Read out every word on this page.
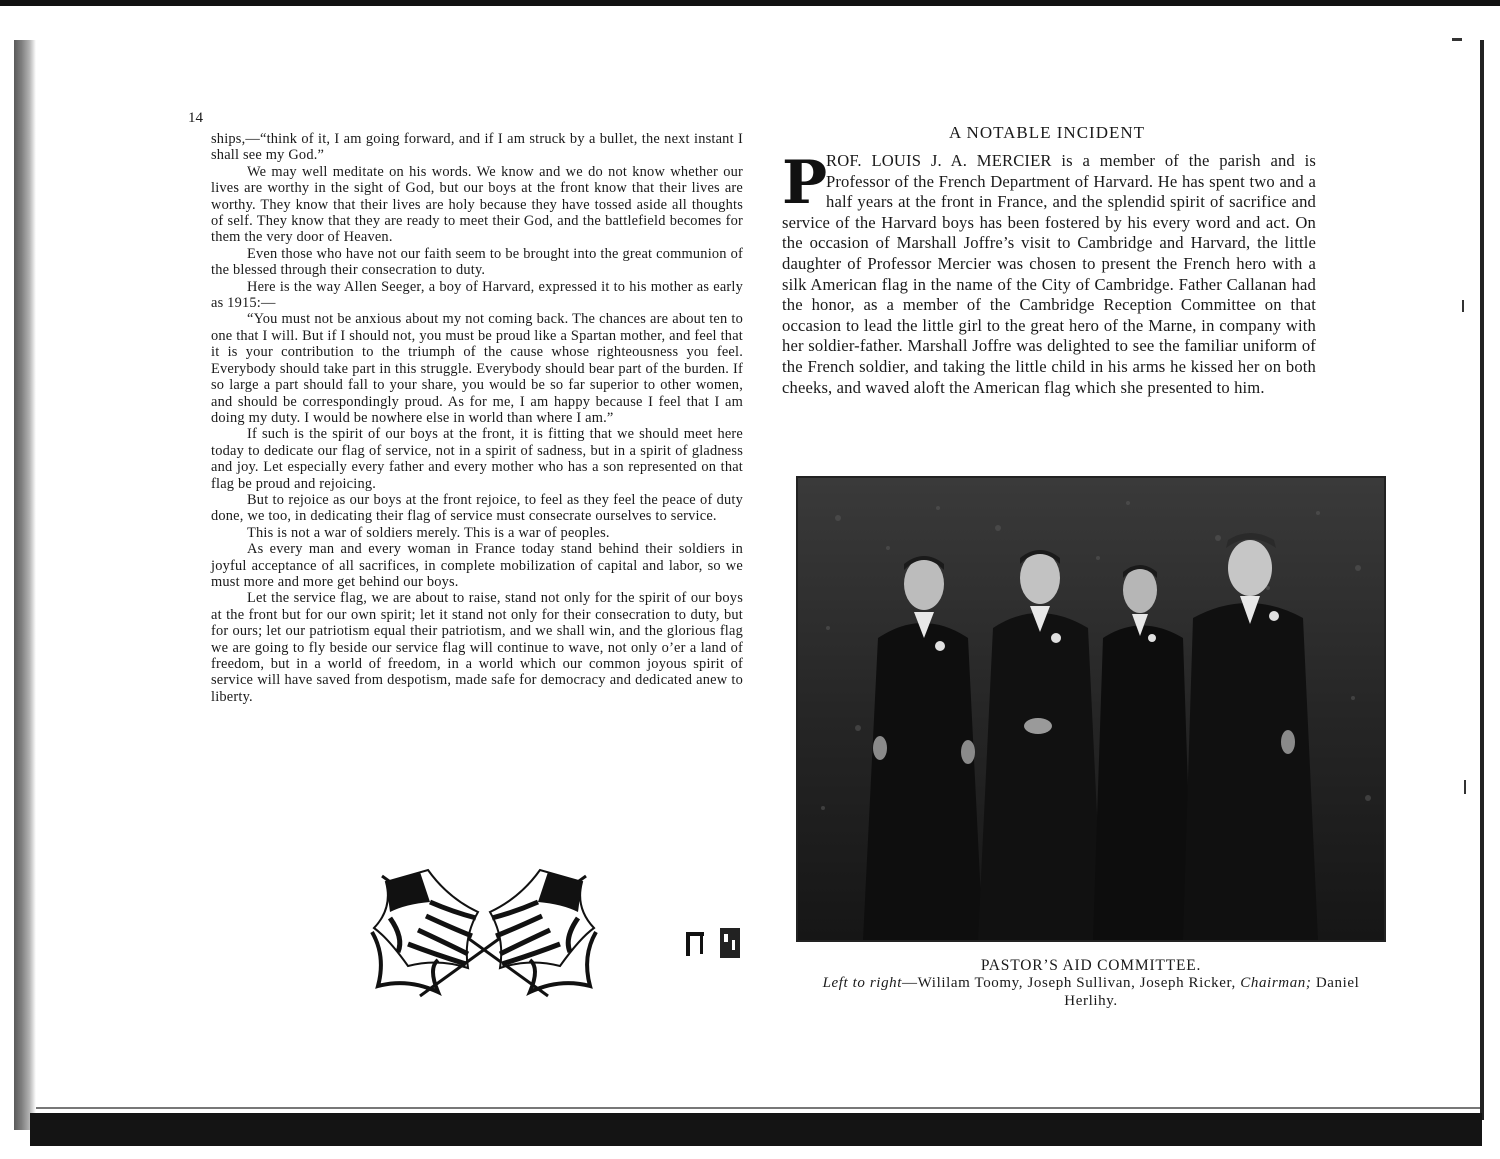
14

ships,—“think of it, I am going forward, and if I am struck by a bullet, the next instant I shall see my God.”

We may well meditate on his words. We know and we do not know whether our lives are worthy in the sight of God, but our boys at the front know that their lives are worthy. They know that their lives are holy because they have tossed aside all thoughts of self. They know that they are ready to meet their God, and the battlefield becomes for them the very door of Heaven.

Even those who have not our faith seem to be brought into the great communion of the blessed through their consecration to duty.

Here is the way Allen Seeger, a boy of Harvard, expressed it to his mother as early as 1915:—

“You must not be anxious about my not coming back. The chances are about ten to one that I will. But if I should not, you must be proud like a Spartan mother, and feel that it is your contribution to the triumph of the cause whose righteousness you feel. Everybody should take part in this struggle. Everybody should bear part of the burden. If so large a part should fall to your share, you would be so far superior to other women, and should be correspondingly proud. As for me, I am happy because I feel that I am doing my duty. I would be nowhere else in world than where I am.”

If such is the spirit of our boys at the front, it is fitting that we should meet here today to dedicate our flag of service, not in a spirit of sadness, but in a spirit of gladness and joy. Let especially every father and every mother who has a son represented on that flag be proud and rejoicing.

But to rejoice as our boys at the front rejoice, to feel as they feel the peace of duty done, we too, in dedicating their flag of service must consecrate ourselves to service.

This is not a war of soldiers merely. This is a war of peoples.

As every man and every woman in France today stand behind their soldiers in joyful acceptance of all sacrifices, in complete mobilization of capital and labor, so we must more and more get behind our boys.

Let the service flag, we are about to raise, stand not only for the spirit of our boys at the front but for our own spirit; let it stand not only for their consecration to duty, but for ours; let our patriotism equal their patriotism, and we shall win, and the glorious flag we are going to fly beside our service flag will continue to wave, not only o’er a land of freedom, but in a world of freedom, in a world which our common joyous spirit of service will have saved from despotism, made safe for democracy and dedicated anew to liberty.

A NOTABLE INCIDENT
P

ROF. LOUIS J. A. MERCIER is a member of the parish and is Professor of the French Department of Harvard. He has spent two and a half years at the front in France, and the splendid spirit of sacrifice and service of the Harvard boys has been fostered by his every word and act. On the occasion of Marshall Joffre’s visit to Cambridge and Harvard, the little daughter of Professor Mercier was chosen to present the French hero with a silk American flag in the name of the City of Cambridge. Father Callanan had the honor, as a member of the Cambridge Reception Committee on that occasion to lead the little girl to the great hero of the Marne, in company with her soldier-father. Marshall Joffre was delighted to see the familiar uniform of the French soldier, and taking the little child in his arms he kissed her on both cheeks, and waved aloft the American flag which she presented to him.

PASTOR’S AID COMMITTEE.
Left to right—Wililam Toomy, Joseph Sullivan, Joseph Ricker, Chairman; Daniel Herlihy.
